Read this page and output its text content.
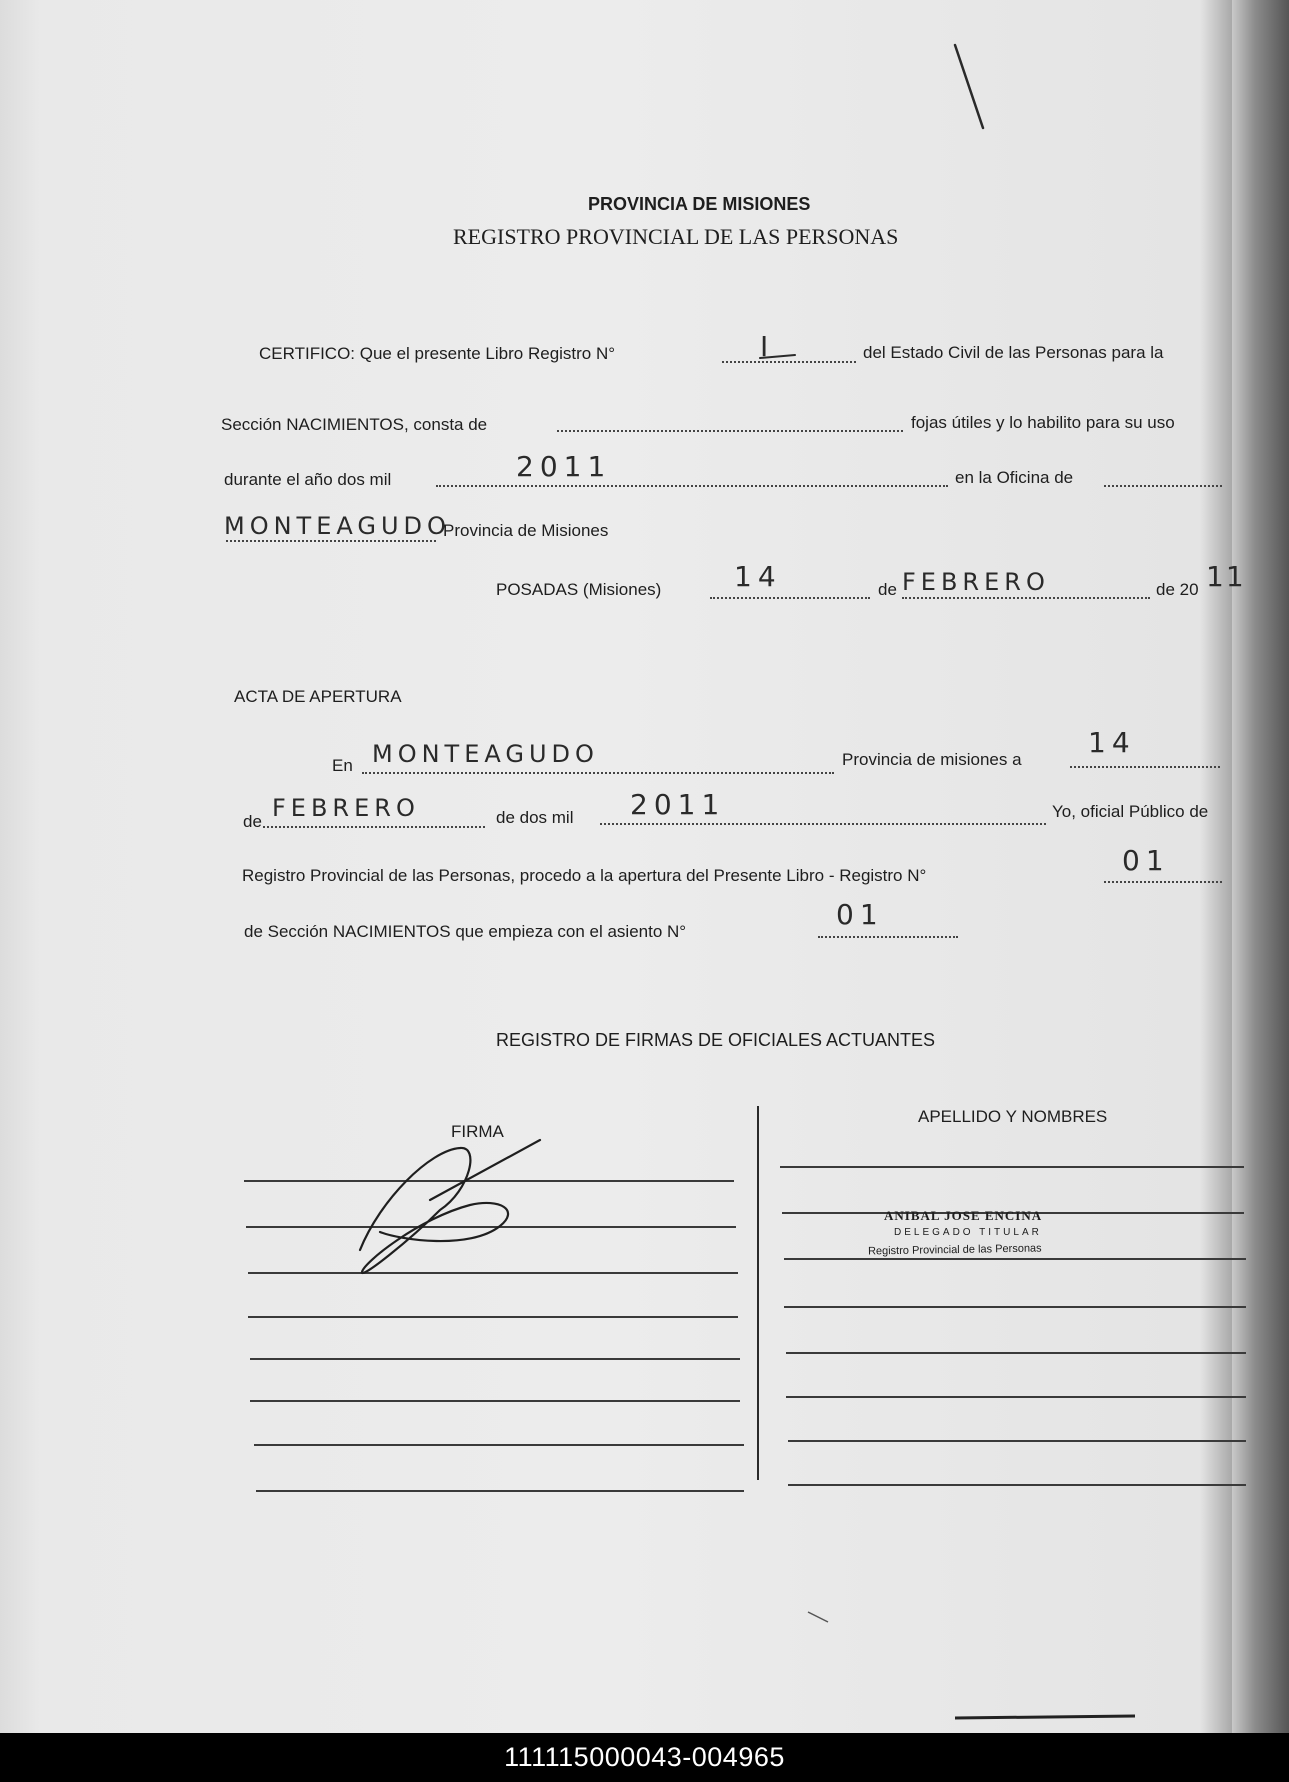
PROVINCIA DE MISIONES
REGISTRO PROVINCIAL DE LAS PERSONAS
CERTIFICO: Que el presente Libro Registro N°	I	del Estado Civil de las Personas para la
Sección NACIMIENTOS, consta de	fojas útiles y lo habilito para su uso
durante el año dos mil	2011	en la Oficina de
MONTEAGUDO
Provincia de Misiones
POSADAS (Misiones)	14	de FEBRERO	de 20 11
ACTA DE APERTURA
En MONTEAGUDO	Provincia de misiones a
14
de FEBRERO	de dos mil 2011	Yo, oficial Público de
Registro Provincial de las Personas, procedo a la apertura del Presente Libro - Registro N°	01
de Sección NACIMIENTOS que empieza con el asiento N°
01
REGISTRO DE FIRMAS DE OFICIALES ACTUANTES
FIRMA
APELLIDO Y NOMBRES
ANIBAL JOSE ENCINA
DELEGADO TITULAR
Registro Provincial de las Personas
111115000043-004965
